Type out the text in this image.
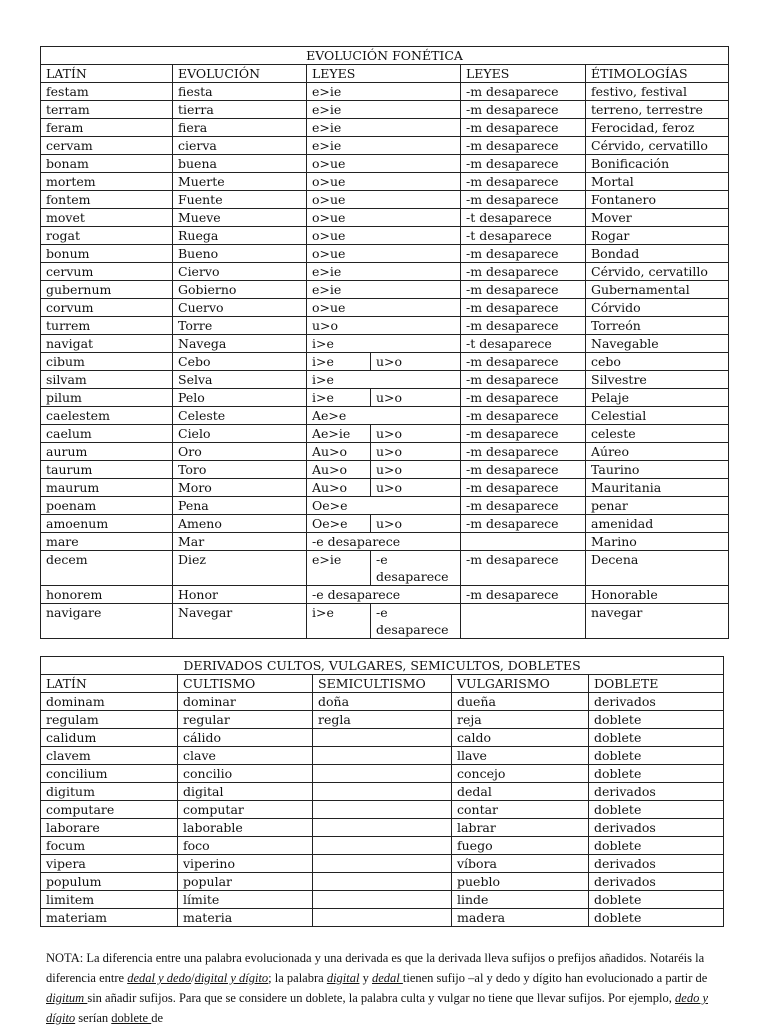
EVOLUCIÓN FONÉTICA					
LATÍN	EVOLUCIÓN	LEYES		LEYES	ÉTIMOLOGÍAS
festam	fiesta	e>ie		-m desaparece	festivo, festival
terram	tierra	e>ie		-m desaparece	terreno, terrestre
feram	fiera	e>ie		-m desaparece	Ferocidad, feroz
cervam	cierva	e>ie		-m desaparece	Cérvido, cervatillo
bonam	buena	o>ue		-m desaparece	Bonificación
mortem	Muerte	o>ue		-m desaparece	Mortal
fontem	Fuente	o>ue		-m desaparece	Fontanero
movet	Mueve	o>ue		-t desaparece	Mover
rogat	Ruega	o>ue		-t desaparece	Rogar
bonum	Bueno	o>ue		-m desaparece	Bondad
cervum	Ciervo	e>ie		-m desaparece	Cérvido, cervatillo
gubernum	Gobierno	e>ie		-m desaparece	Gubernamental
corvum	Cuervo	o>ue		-m desaparece	Córvido
turrem	Torre	u>o		-m desaparece	Torreón
navigat	Navega	i>e		-t desaparece	Navegable
cibum	Cebo	i>e	u>o	-m desaparece	cebo
silvam	Selva	i>e		-m desaparece	Silvestre
pilum	Pelo	i>e	u>o	-m desaparece	Pelaje
caelestem	Celeste	Ae>e		-m desaparece	Celestial
caelum	Cielo	Ae>ie	u>o	-m desaparece	celeste
aurum	Oro	Au>o	u>o	-m desaparece	Aúreo
taurum	Toro	Au>o	u>o	-m desaparece	Taurino
maurum	Moro	Au>o	u>o	-m desaparece	Mauritania
poenam	Pena	Oe>e		-m desaparece	penar
amoenum	Ameno	Oe>e	u>o	-m desaparece	amenidad
mare	Mar	-e desaparece			Marino
decem	Diez	e>ie	-e desaparece	-m desaparece	Decena
honorem	Honor	-e desaparece		-m desaparece	Honorable
navigare	Navegar	i>e	-e desaparece		navegar
DERIVADOS CULTOS, VULGARES, SEMICULTOS, DOBLETES				
LATÍN	CULTISMO	SEMICULTISMO	VULGARISMO	DOBLETE
dominam	dominar	doña	dueña	derivados
regulam	regular	regla	reja	doblete
calidum	cálido		caldo	doblete
clavem	clave		llave	doblete
concilium	concilio		concejo	doblete
digitum	digital		dedal	derivados
computare	computar		contar	doblete
laborare	laborable		labrar	derivados
focum	foco		fuego	doblete
vipera	viperino		víbora	derivados
populum	popular		pueblo	derivados
limitem	límite		linde	doblete
materiam	materia		madera	doblete

NOTA: La diferencia entre una palabra evolucionada y una derivada es que la derivada lleva sufijos o prefijos añadidos. Notaréis la diferencia entre dedal y dedo/digital y dígito; la palabra digital y dedal tienen sufijo –al y dedo y dígito han evolucionado a partir de digitum sin añadir sufijos. Para que se considere un doblete, la palabra culta y vulgar no tiene que llevar sufijos. Por ejemplo, dedo y dígito serían doblete de
